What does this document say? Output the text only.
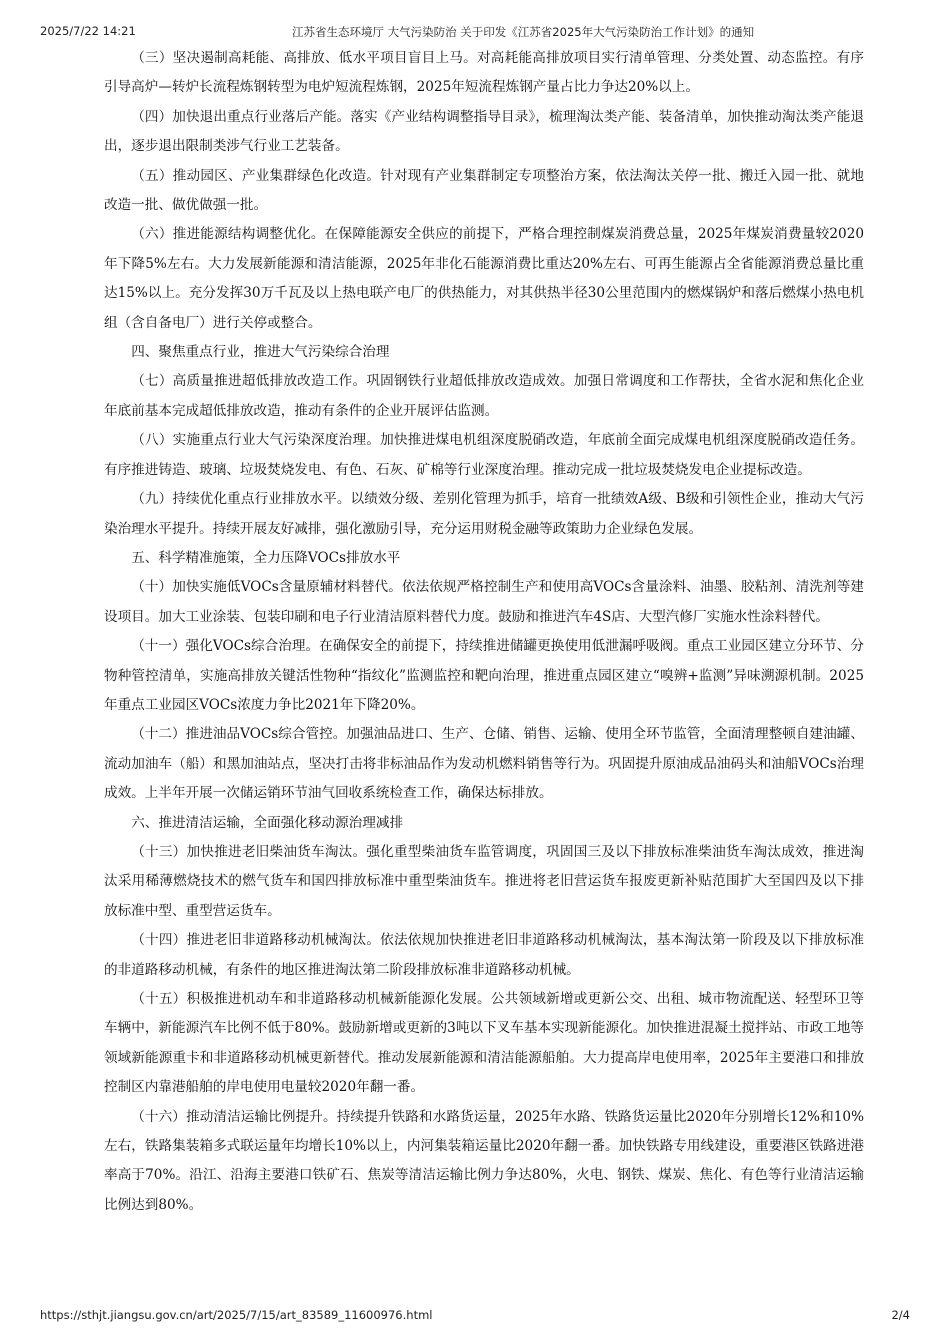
2025/7/22 14:21	江苏省生态环境厅 大气污染防治 关于印发《江苏省2025年大气污染防治工作计划》的通知

（三）坚决遏制高耗能、高排放、低水平项目盲目上马。对高耗能高排放项目实行清单管理、分类处置、动态监控。有序引导高炉—转炉长流程炼钢转型为电炉短流程炼钢，2025年短流程炼钢产量占比力争达20%以上。

（四）加快退出重点行业落后产能。落实《产业结构调整指导目录》，梳理淘汰类产能、装备清单，加快推动淘汰类产能退出，逐步退出限制类涉气行业工艺装备。

（五）推动园区、产业集群绿色化改造。针对现有产业集群制定专项整治方案，依法淘汰关停一批、搬迁入园一批、就地改造一批、做优做强一批。

（六）推进能源结构调整优化。在保障能源安全供应的前提下，严格合理控制煤炭消费总量，2025年煤炭消费量较2020年下降5%左右。大力发展新能源和清洁能源，2025年非化石能源消费比重达20%左右、可再生能源占全省能源消费总量比重达15%以上。充分发挥30万千瓦及以上热电联产电厂的供热能力，对其供热半径30公里范围内的燃煤锅炉和落后燃煤小热电机组（含自备电厂）进行关停或整合。

四、聚焦重点行业，推进大气污染综合治理

（七）高质量推进超低排放改造工作。巩固钢铁行业超低排放改造成效。加强日常调度和工作帮扶，全省水泥和焦化企业年底前基本完成超低排放改造，推动有条件的企业开展评估监测。

（八）实施重点行业大气污染深度治理。加快推进煤电机组深度脱硝改造，年底前全面完成煤电机组深度脱硝改造任务。有序推进铸造、玻璃、垃圾焚烧发电、有色、石灰、矿棉等行业深度治理。推动完成一批垃圾焚烧发电企业提标改造。

（九）持续优化重点行业排放水平。以绩效分级、差别化管理为抓手，培育一批绩效A级、B级和引领性企业，推动大气污染治理水平提升。持续开展友好减排，强化激励引导，充分运用财税金融等政策助力企业绿色发展。

五、科学精准施策，全力压降VOCs排放水平

（十）加快实施低VOCs含量原辅材料替代。依法依规严格控制生产和使用高VOCs含量涂料、油墨、胶粘剂、清洗剂等建设项目。加大工业涂装、包装印刷和电子行业清洁原料替代力度。鼓励和推进汽车4S店、大型汽修厂实施水性涂料替代。

（十一）强化VOCs综合治理。在确保安全的前提下，持续推进储罐更换使用低泄漏呼吸阀。重点工业园区建立分环节、分物种管控清单，实施高排放关键活性物种“指纹化”监测监控和靶向治理，推进重点园区建立“嗅辨+监测”异味溯源机制。2025年重点工业园区VOCs浓度力争比2021年下降20%。

（十二）推进油品VOCs综合管控。加强油品进口、生产、仓储、销售、运输、使用全环节监管，全面清理整顿自建油罐、流动加油车（船）和黑加油站点，坚决打击将非标油品作为发动机燃料销售等行为。巩固提升原油成品油码头和油船VOCs治理成效。上半年开展一次储运销环节油气回收系统检查工作，确保达标排放。

六、推进清洁运输，全面强化移动源治理减排

（十三）加快推进老旧柴油货车淘汰。强化重型柴油货车监管调度，巩固国三及以下排放标准柴油货车淘汰成效，推进淘汰采用稀薄燃烧技术的燃气货车和国四排放标准中重型柴油货车。推进将老旧营运货车报废更新补贴范围扩大至国四及以下排放标准中型、重型营运货车。

（十四）推进老旧非道路移动机械淘汰。依法依规加快推进老旧非道路移动机械淘汰，基本淘汰第一阶段及以下排放标准的非道路移动机械，有条件的地区推进淘汰第二阶段排放标准非道路移动机械。

（十五）积极推进机动车和非道路移动机械新能源化发展。公共领域新增或更新公交、出租、城市物流配送、轻型环卫等车辆中，新能源汽车比例不低于80%。鼓励新增或更新的3吨以下叉车基本实现新能源化。加快推进混凝土搅拌站、市政工地等领域新能源重卡和非道路移动机械更新替代。推动发展新能源和清洁能源船舶。大力提高岸电使用率，2025年主要港口和排放控制区内靠港船舶的岸电使用电量较2020年翻一番。

（十六）推动清洁运输比例提升。持续提升铁路和水路货运量，2025年水路、铁路货运量比2020年分别增长12%和10%左右，铁路集装箱多式联运量年均增长10%以上，内河集装箱运量比2020年翻一番。加快铁路专用线建设，重要港区铁路进港率高于70%。沿江、沿海主要港口铁矿石、焦炭等清洁运输比例力争达80%，火电、钢铁、煤炭、焦化、有色等行业清洁运输比例达到80%。

https://sthjt.jiangsu.gov.cn/art/2025/7/15/art_83589_11600976.html	2/4
